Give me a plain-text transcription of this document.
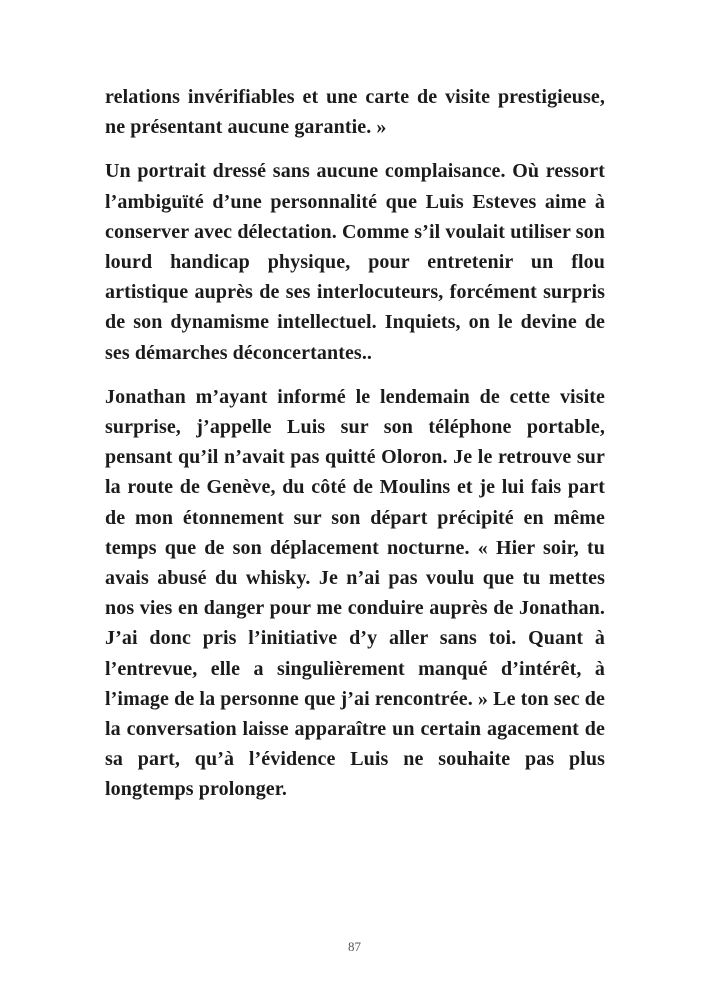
relations invérifiables et une carte de visite prestigieuse, ne présentant aucune garantie. »

Un portrait dressé sans aucune complaisance. Où ressort l’ambiguïté d’une personnalité que Luis Esteves aime à conserver avec délectation. Comme s’il voulait utiliser son lourd handicap physique, pour entretenir un flou artistique auprès de ses interlocuteurs, forcément surpris de son dynamisme intellectuel. Inquiets, on le devine de ses démarches déconcertantes..

Jonathan m’ayant informé le lendemain de cette visite surprise, j’appelle Luis sur son téléphone portable, pensant qu’il n’avait pas quitté Oloron. Je le retrouve sur la route de Genève, du côté de Moulins et je lui fais part de mon étonnement sur son départ précipité en même temps que de son déplacement nocturne. « Hier soir, tu avais abusé du whisky. Je n’ai pas voulu que tu mettes nos vies en danger pour me conduire auprès de Jonathan. J’ai donc pris l’initiative d’y aller sans toi. Quant à l’entrevue, elle a singulièrement manqué d’intérêt, à l’image de la personne que j’ai rencontrée. » Le ton sec de la conversation laisse apparaître un certain agacement de sa part, qu’à l’évidence Luis ne souhaite pas plus longtemps prolonger.

87
